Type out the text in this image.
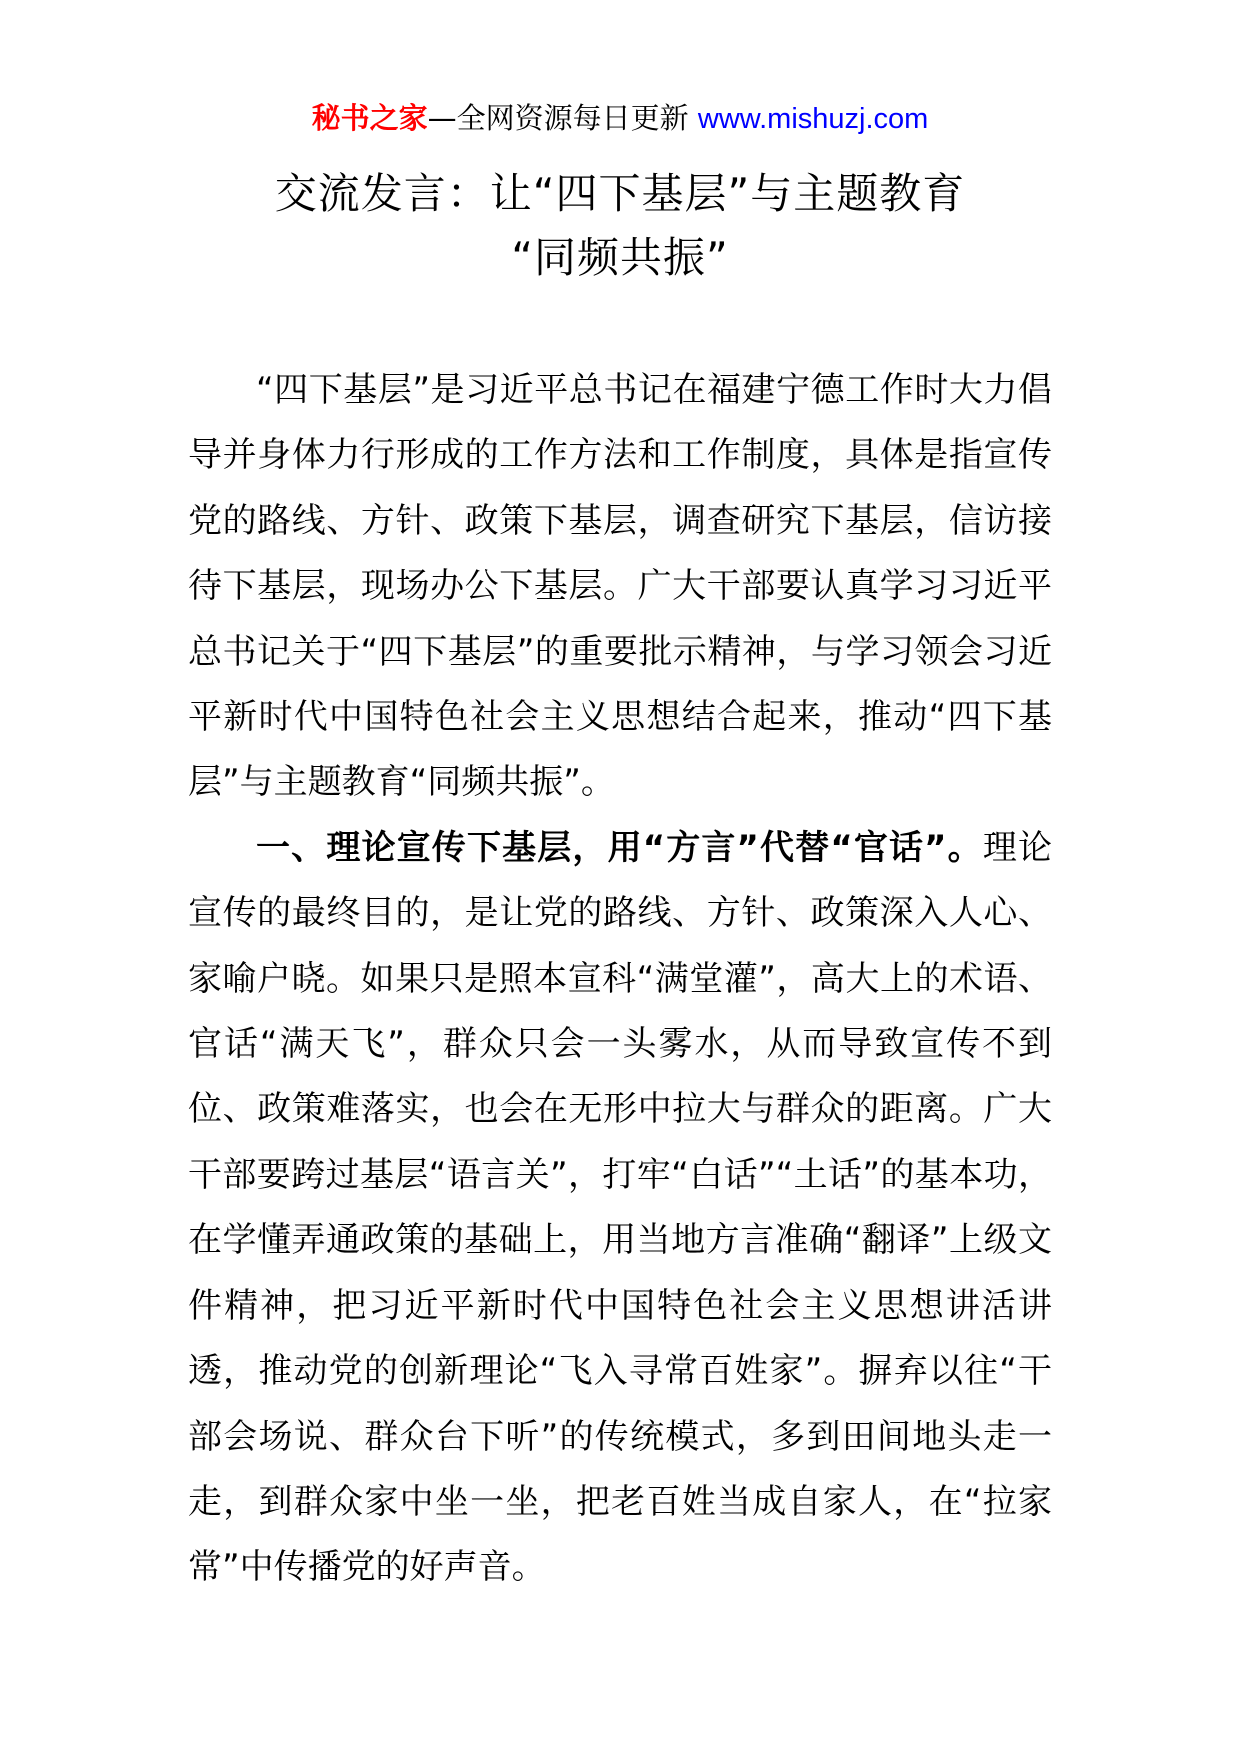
秘书之家—全网资源每日更新 www.mishuzj.com
交流发言：让“四下基层”与主题教育
“同频共振”

“四下基层”是习近平总书记在福建宁德工作时大力倡导并身体力行形成的工作方法和工作制度，具体是指宣传党的路线、方针、政策下基层，调查研究下基层，信访接待下基层，现场办公下基层。广大干部要认真学习习近平总书记关于“四下基层”的重要批示精神，与学习领会习近平新时代中国特色社会主义思想结合起来，推动“四下基层”与主题教育“同频共振”。

一、理论宣传下基层，用“方言”代替“官话”。理论宣传的最终目的，是让党的路线、方针、政策深入人心、家喻户晓。如果只是照本宣科“满堂灌”，高大上的术语、官话“满天飞”，群众只会一头雾水，从而导致宣传不到位、政策难落实，也会在无形中拉大与群众的距离。广大干部要跨过基层“语言关”，打牢“白话”“土话”的基本功，在学懂弄通政策的基础上，用当地方言准确“翻译”上级文件精神，把习近平新时代中国特色社会主义思想讲活讲透，推动党的创新理论“飞入寻常百姓家”。摒弃以往“干部会场说、群众台下听”的传统模式，多到田间地头走一走，到群众家中坐一坐，把老百姓当成自家人，在“拉家常”中传播党的好声音。
